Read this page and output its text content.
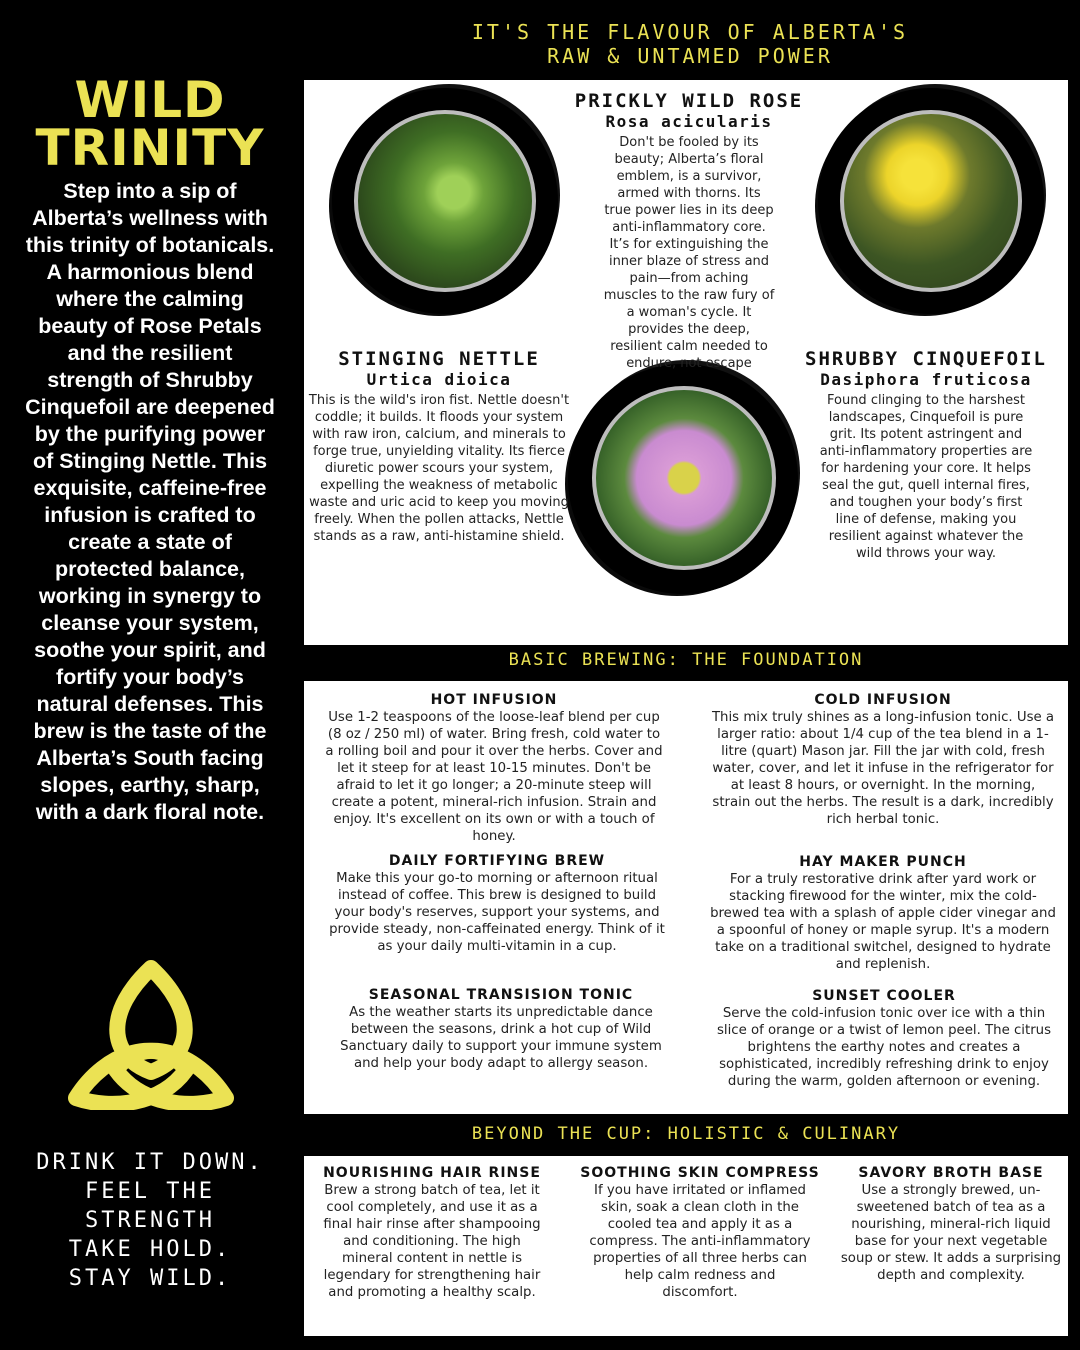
WILD
TRINITY

Step into a sip of Alberta’s wellness with this trinity of botanicals. A harmonious blend where the calming beauty of Rose Petals and the resilient strength of Shrubby Cinquefoil are deepened by the purifying power of Stinging Nettle. This exquisite, caffeine-free infusion is crafted to create a state of protected balance, working in synergy to cleanse your system, soothe your spirit, and fortify your body’s natural defenses. This brew is the taste of the Alberta’s South facing slopes, earthy, sharp, with a dark floral note.

DRINK IT DOWN.
FEEL THE
STRENGTH
TAKE HOLD.
STAY WILD.
IT'S THE FLAVOUR OF ALBERTA'S
RAW & UNTAMED POWER
PRICKLY WILD ROSE
Rosa acicularis

Don't be fooled by its beauty; Alberta’s floral emblem, is a survivor, armed with thorns. Its true power lies in its deep anti-inflammatory core. It’s for extinguishing the inner blaze of stress and pain—from aching muscles to the raw fury of a woman's cycle. It provides the deep, resilient calm needed to endure, not escape

STINGING NETTLE
Urtica dioica

This is the wild's iron fist. Nettle doesn't coddle; it builds. It floods your system with raw iron, calcium, and minerals to forge true, unyielding vitality. Its fierce diuretic power scours your system, expelling the weakness of metabolic waste and uric acid to keep you moving freely. When the pollen attacks, Nettle stands as a raw, anti-histamine shield.

SHRUBBY CINQUEFOIL
Dasiphora fruticosa

Found clinging to the harshest landscapes, Cinquefoil is pure grit. Its potent astringent and anti-inflammatory properties are for hardening your core. It helps seal the gut, quell internal fires, and toughen your body’s first line of defense, making you resilient against whatever the wild throws your way.

BASIC BREWING: THE FOUNDATION
HOT INFUSION

Use 1-2 teaspoons of the loose-leaf blend per cup (8 oz / 250 ml) of water. Bring fresh, cold water to a rolling boil and pour it over the herbs. Cover and let it steep for at least 10-15 minutes. Don't be afraid to let it go longer; a 20-minute steep will create a potent, mineral-rich infusion. Strain and enjoy. It's excellent on its own or with a touch of honey.

COLD INFUSION

This mix truly shines as a long-infusion tonic. Use a larger ratio: about 1/4 cup of the tea blend in a 1-litre (quart) Mason jar. Fill the jar with cold, fresh water, cover, and let it infuse in the refrigerator for at least 8 hours, or overnight. In the morning, strain out the herbs. The result is a dark, incredibly rich herbal tonic.

DAILY FORTIFYING BREW

Make this your go-to morning or afternoon ritual instead of coffee. This brew is designed to build your body's reserves, support your systems, and provide steady, non-caffeinated energy. Think of it as your daily multi-vitamin in a cup.

HAY MAKER PUNCH

For a truly restorative drink after yard work or stacking firewood for the winter, mix the cold-brewed tea with a splash of apple cider vinegar and a spoonful of honey or maple syrup. It's a modern take on a traditional switchel, designed to hydrate and replenish.

SEASONAL TRANSISION TONIC

As the weather starts its unpredictable dance between the seasons, drink a hot cup of Wild Sanctuary daily to support your immune system and help your body adapt to allergy season.

SUNSET COOLER

Serve the cold-infusion tonic over ice with a thin slice of orange or a twist of lemon peel. The citrus brightens the earthy notes and creates a sophisticated, incredibly refreshing drink to enjoy during the warm, golden afternoon or evening.

BEYOND THE CUP: HOLISTIC & CULINARY
NOURISHING HAIR RINSE

Brew a strong batch of tea, let it cool completely, and use it as a final hair rinse after shampooing and conditioning. The high mineral content in nettle is legendary for strengthening hair and promoting a healthy scalp.

SOOTHING SKIN COMPRESS

If you have irritated or inflamed skin, soak a clean cloth in the cooled tea and apply it as a compress. The anti-inflammatory properties of all three herbs can help calm redness and discomfort.

SAVORY BROTH BASE

Use a strongly brewed, un-sweetened batch of tea as a nourishing, mineral-rich liquid base for your next vegetable soup or stew. It adds a surprising depth and complexity.
